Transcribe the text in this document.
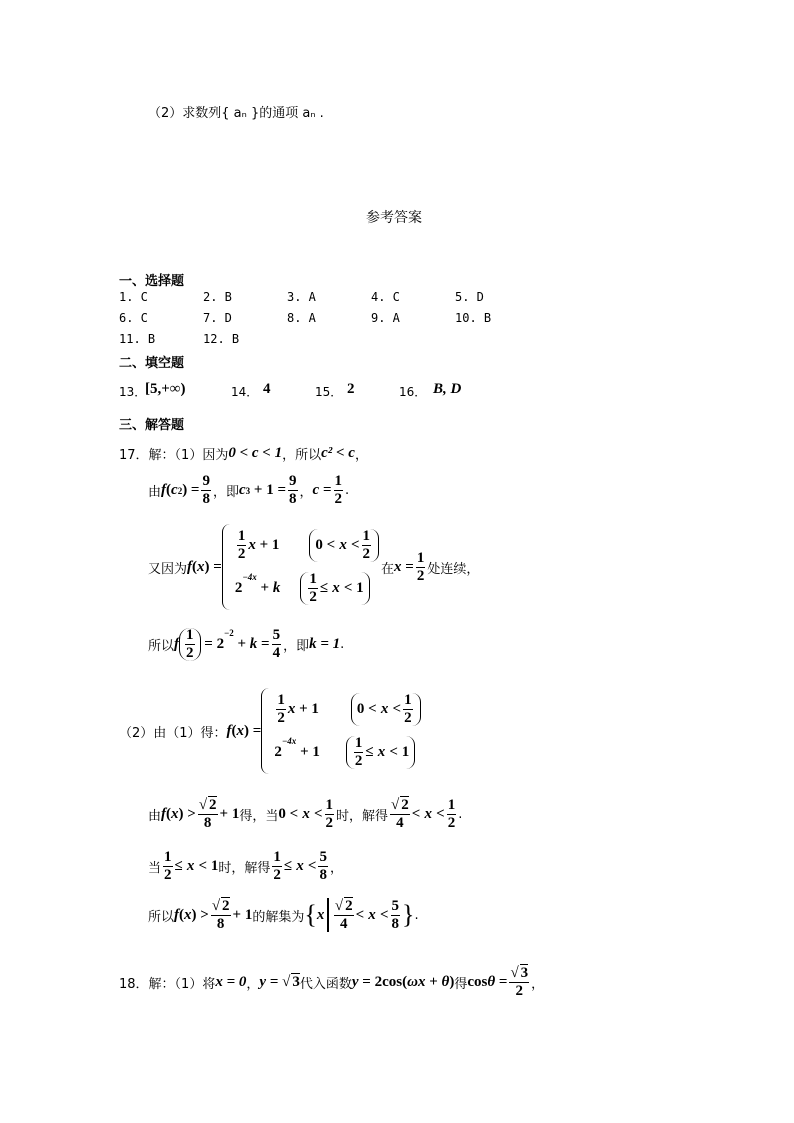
（2）求数列{ aₙ }的通项 aₙ .
参考答案
一、选择题
1. C	2. B	3. A	4. C	5. D
6. C	7. D	8. A	9. A	10. B
11. B	12. B
二、填空题
13．
[5,+∞)	14． 4	15． 2	16． B, D
三、解答题
17．解：（1）因为 0 < c < 1 ，所以 c² < c ，
由 f ( c 2 ) = $\frac{9}{8}$ ，即 c $3 + 1 = \frac{9}{8}$ ， $c = \frac{1}{2}$ .
又因为 f ( x ) =
$\frac{1}{2}$ x + 1 0 <
x
< $\frac{1}{2}$
2
$^{-4x}$
+ k $\frac{1}{2}$ ≤
x
< 1
在 $x = \frac{1}{2}$ 处连续，
所以 f $\frac{1}{2} = 2$
$^{-2}$
+ $k = \frac{5}{4}$ ，即 k = 1 .
（2）由（1）得： f ( x ) =
$\frac{1}{2}$ x + 1	0 <
x
< $\frac{1}{2}$
2
$^{-4x}$
+ $1 \frac{1}{2}$ ≤
x
< 1
由 f ( x ) > $\frac{√ 2}{8} + 1$ 得，当 0 <
x
< $\frac{1}{2}$ 时，解得 $\frac{√ 2}{4}$ <
x
< $\frac{1}{2}$ .
当 $\frac{1}{2}$ ≤
x
< 1 时，解得 $\frac{1}{2}$ ≤
x
< $\frac{5}{8}$ ，
所以 f ( x ) > $\frac{√ 2}{8} + 1$ 的解集为 { x $\frac{√ 2}{4}$ <
x
< $\frac{5}{8}$ } .
18．解：（1）将 x = 0 ， y = √ 3 代入函数 y = 2cos( ωx + θ ) 得 $\cos \theta = \frac{√ 3}{2}$ ，
